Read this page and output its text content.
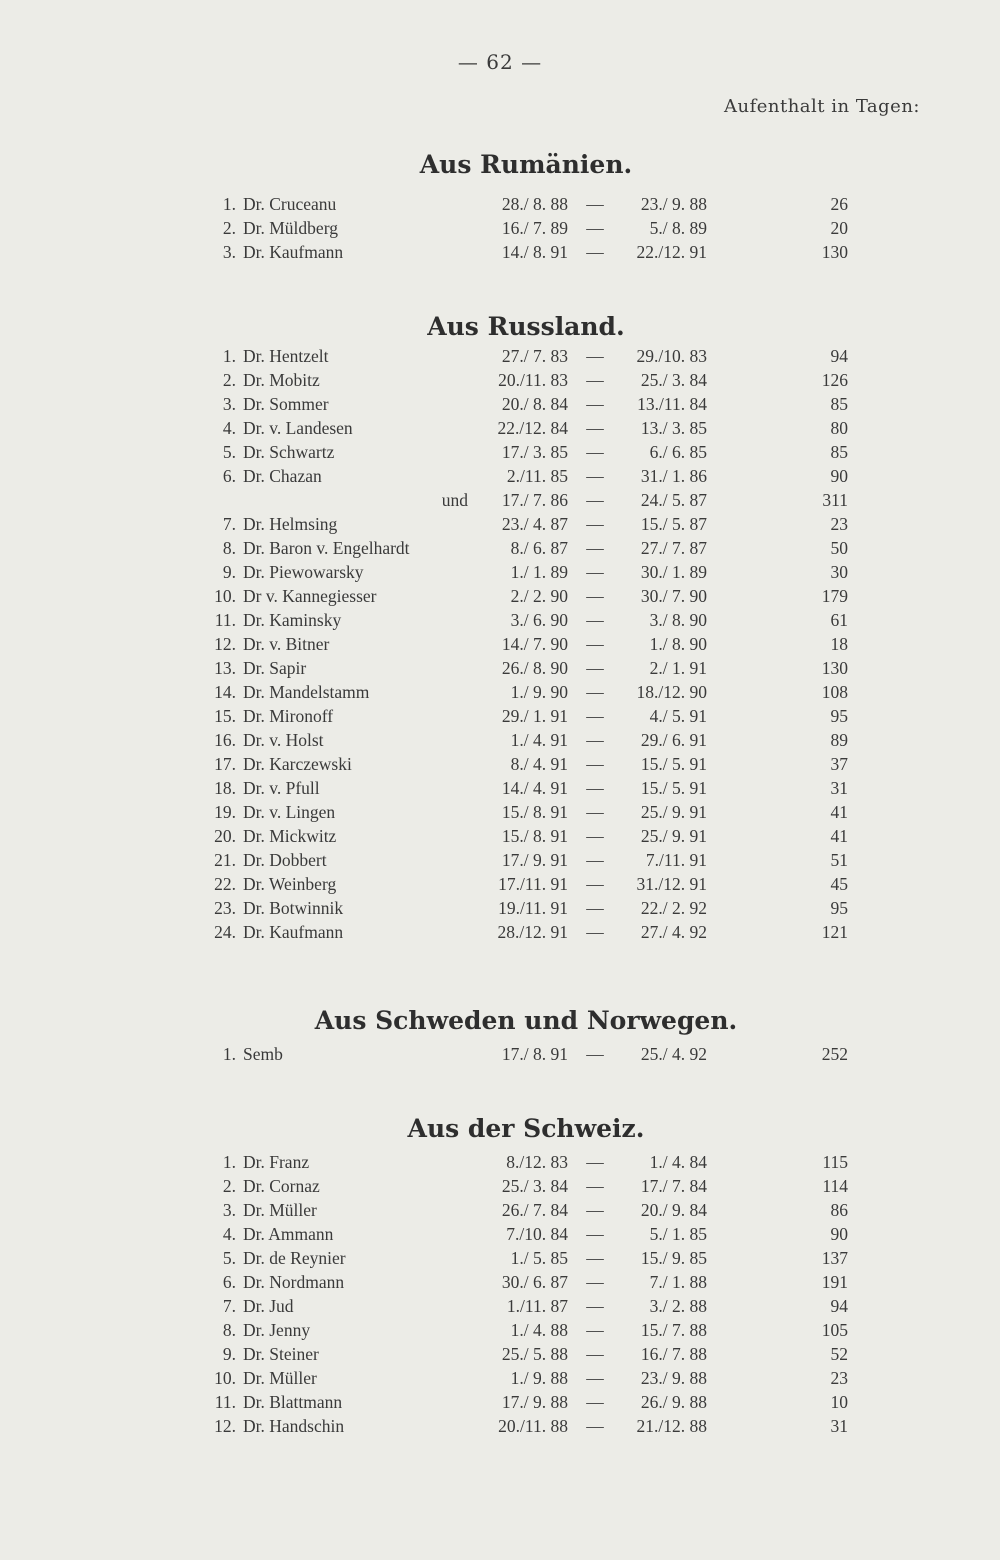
— 62 —
Aufenthalt in Tagen:
Aus Rumänien.
1. Dr. Cruceanu	28./ 8. 88 — 23./ 9. 88	26
2. Dr. Müldberg	16./ 7. 89 —	5./ 8. 89	20
3. Dr. Kaufmann	14./ 8. 91 — 22./12. 91	130
Aus Russland.
1. Dr. Hentzelt	27./ 7. 83 — 29./10. 83	94
2. Dr. Mobitz	20./11. 83 — 25./ 3. 84	126
3. Dr. Sommer	20./ 8. 84 — 13./11. 84	85
4. Dr. v. Landesen	22./12. 84 — 13./ 3. 85	80
5. Dr. Schwartz	17./ 3. 85 —	6./ 6. 85	85
6. Dr. Chazan	2./11. 85 — 31./ 1. 86	90
und 17./ 7. 86 — 24./ 5. 87	311
7. Dr. Helmsing	23./ 4. 87 — 15./ 5. 87	23
8. Dr. Baron v. Engelhardt	8./ 6. 87 — 27./ 7. 87	50
9. Dr. Piewowarsky	1./ 1. 89 — 30./ 1. 89	30
10. Dr v. Kannegiesser	2./ 2. 90 — 30./ 7. 90	179
11. Dr. Kaminsky	3./ 6. 90 —	3./ 8. 90	61
12. Dr. v. Bitner	14./ 7. 90 —	1./ 8. 90	18
13. Dr. Sapir	26./ 8. 90 —	2./ 1. 91	130
14. Dr. Mandelstamm	1./ 9. 90 — 18./12. 90	108
15. Dr. Mironoff	29./ 1. 91 —	4./ 5. 91	95
16. Dr. v. Holst	1./ 4. 91 — 29./ 6. 91	89
17. Dr. Karczewski	8./ 4. 91 — 15./ 5. 91	37
18. Dr. v. Pfull	14./ 4. 91 — 15./ 5. 91	31
19. Dr. v. Lingen	15./ 8. 91 — 25./ 9. 91	41
20. Dr. Mickwitz	15./ 8. 91 — 25./ 9. 91	41
21. Dr. Dobbert	17./ 9. 91 — 7./11. 91	51
22. Dr. Weinberg	17./11. 91 — 31./12. 91	45
23. Dr. Botwinnik	19./11. 91 — 22./ 2. 92	95
24. Dr. Kaufmann	28./12. 91 — 27./ 4. 92	121
Aus Schweden und Norwegen.
1. Semb	17./ 8. 91 — 25./ 4. 92	252
Aus der Schweiz.
1. Dr. Franz	8./12. 83 —	1./ 4. 84	115
2. Dr. Cornaz	25./ 3. 84 — 17./ 7. 84	114
3. Dr. Müller	26./ 7. 84 — 20./ 9. 84	86
4. Dr. Ammann	7./10. 84 —	5./ 1. 85	90
5. Dr. de Reynier	1./ 5. 85 — 15./ 9. 85	137
6. Dr. Nordmann	30./ 6. 87 —	7./ 1. 88	191
7. Dr. Jud	1./11. 87 —	3./ 2. 88	94
8. Dr. Jenny	1./ 4. 88 — 15./ 7. 88	105
9. Dr. Steiner	25./ 5. 88 — 16./ 7. 88	52
10. Dr. Müller	1./ 9. 88 — 23./ 9. 88	23
11. Dr. Blattmann	17./ 9. 88 — 26./ 9. 88	10
12. Dr. Handschin	20./11. 88 — 21./12. 88	31
